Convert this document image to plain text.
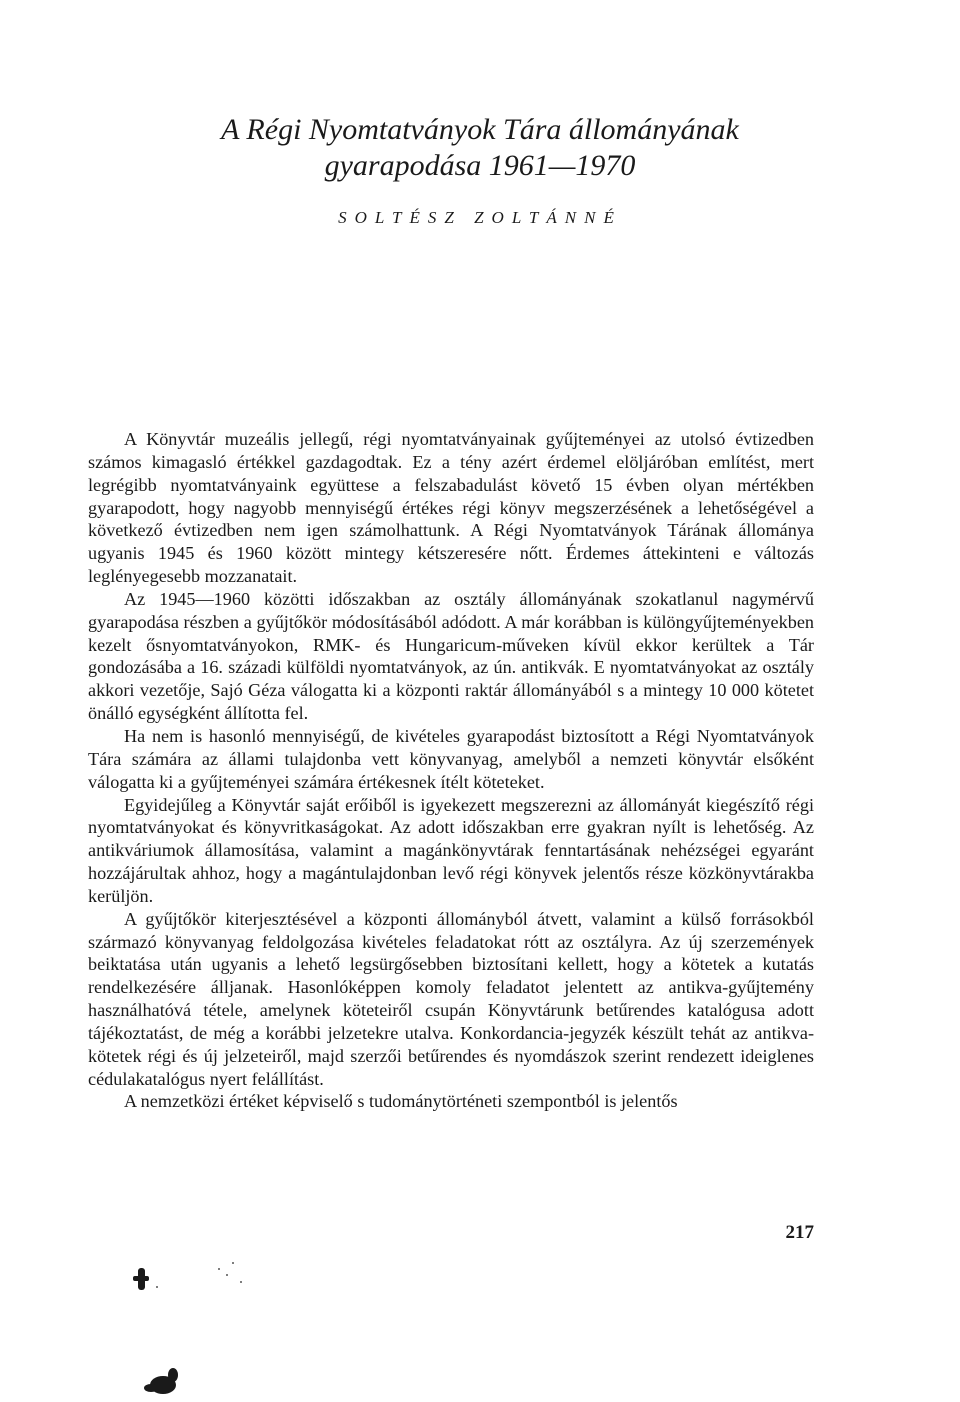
A Régi Nyomtatványok Tára állományának
gyarapodása 1961—1970

SOLTÉSZ ZOLTÁNNÉ

A Könyvtár muzeális jellegű, régi nyomtatványainak gyűjteményei az utolsó évtizedben számos kimagasló értékkel gazdagodtak. Ez a tény azért érdemel elöljáróban említést, mert legrégibb nyomtatványaink együttese a felszabadulást követő 15 évben olyan mértékben gyarapodott, hogy nagyobb mennyiségű értékes régi könyv megszerzésének a lehetőségével a következő évtizedben nem igen számolhattunk. A Régi Nyomtatványok Tárának állománya ugyanis 1945 és 1960 között mintegy kétszeresére nőtt. Érdemes áttekinteni e változás leglényegesebb mozzanatait.

Az 1945—1960 közötti időszakban az osztály állományának szokatlanul nagymérvű gyarapodása részben a gyűjtőkör módosításából adódott. A már korábban is különgyűjteményekben kezelt ősnyomtatványokon, RMK- és Hungaricum-műveken kívül ekkor kerültek a Tár gondozásába a 16. századi külföldi nyomtatványok, az ún. antikvák. E nyomtatványokat az osztály akkori vezetője, Sajó Géza válogatta ki a központi raktár állományából s a mintegy 10 000 kötetet önálló egységként állította fel.

Ha nem is hasonló mennyiségű, de kivételes gyarapodást biztosított a Régi Nyomtatványok Tára számára az állami tulajdonba vett könyvanyag, amelyből a nemzeti könyvtár elsőként válogatta ki a gyűjteményei számára értékesnek ítélt köteteket.

Egyidejűleg a Könyvtár saját erőiből is igyekezett megszerezni az állományát kiegészítő régi nyomtatványokat és könyvritkaságokat. Az adott időszakban erre gyakran nyílt is lehetőség. Az antikváriumok államosítása, valamint a magánkönyvtárak fenntartásának nehézségei egyaránt hozzájárultak ahhoz, hogy a magántulajdonban levő régi könyvek jelentős része közkönyvtárakba kerüljön.

A gyűjtőkör kiterjesztésével a központi állományból átvett, valamint a külső forrásokból származó könyvanyag feldolgozása kivételes feladatokat rótt az osztályra. Az új szerzemények beiktatása után ugyanis a lehető legsürgősebben biztosítani kellett, hogy a kötetek a kutatás rendelkezésére álljanak. Hasonlóképpen komoly feladatot jelentett az antikva-gyűjtemény használhatóvá tétele, amelynek köteteiről csupán Könyvtárunk betűrendes katalógusa adott tájékoztatást, de még a korábbi jelzetekre utalva. Konkordancia-jegyzék készült tehát az antikva-kötetek régi és új jelzeteiről, majd szerzői betűrendes és nyomdászok szerint rendezett ideiglenes cédulakatalógus nyert felállítást.

A nemzetközi értéket képviselő s tudománytörténeti szempontból is jelentős

217
